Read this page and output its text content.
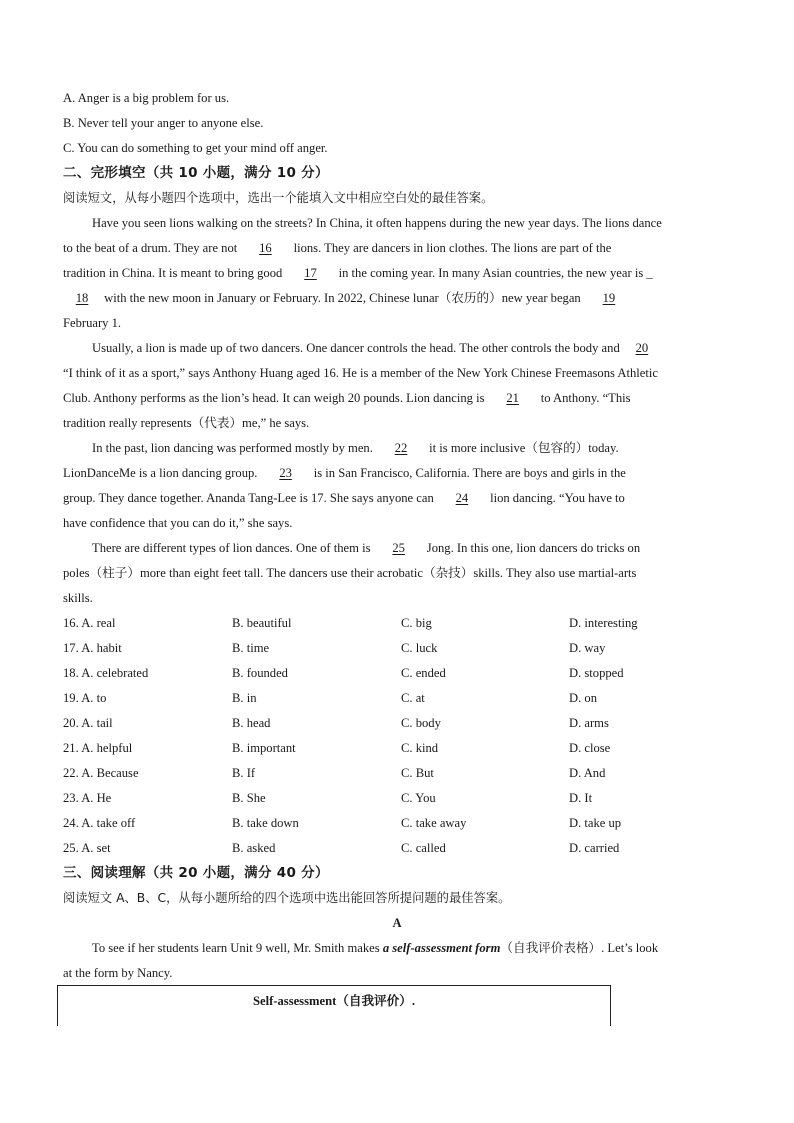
A. Anger is a big problem for us.
B. Never tell your anger to anyone else.
C. You can do something to get your mind off anger.
二、完形填空（共 10 小题，满分 10 分）
阅读短文，从每小题四个选项中，选出一个能填入文中相应空白处的最佳答案。
Have you seen lions walking on the streets? In China, it often happens during the new year days. The lions dance
to the beat of a drum. They are not 16 lions. They are dancers in lion clothes. The lions are part of the
tradition in China. It is meant to bring good 17 in the coming year. In many Asian countries, the new year is _
18 with the new moon in January or February. In 2022, Chinese lunar（农历的）new year began 19
February 1.
Usually, a lion is made up of two dancers. One dancer controls the head. The other controls the body and 20
“I think of it as a sport,” says Anthony Huang aged 16. He is a member of the New York Chinese Freemasons Athletic
Club. Anthony performs as the lion’s head. It can weigh 20 pounds. Lion dancing is 21 to Anthony. “This
tradition really represents（代表）me,” he says.
In the past, lion dancing was performed mostly by men. 22 it is more inclusive（包容的）today.
LionDanceMe is a lion dancing group. 23 is in San Francisco, California. There are boys and girls in the
group. They dance together. Ananda Tang-Lee is 17. She says anyone can 24 lion dancing. “You have to
have confidence that you can do it,” she says.
There are different types of lion dances. One of them is 25 Jong. In this one, lion dancers do tricks on
poles（柱子）more than eight feet tall. The dancers use their acrobatic（杂技）skills. They also use martial-arts
skills.
16. A. real	B. beautiful	C. big	D. interesting
17. A. habit	B. time	C. luck	D. way
18. A. celebrated	B. founded	C. ended	D. stopped
19. A. to	B. in	C. at	D. on
20. A. tail	B. head	C. body	D. arms
21. A. helpful	B. important	C. kind	D. close
22. A. Because	B. If	C. But	D. And
23. A. He	B. She	C. You	D. It
24. A. take off	B. take down	C. take away	D. take up
25. A. set	B. asked	C. called	D. carried
三、阅读理解（共 20 小题，满分 40 分）
阅读短文 A、B、C，从每小题所给的四个选项中选出能回答所提问题的最佳答案。
A
To see if her students learn Unit 9 well, Mr. Smith makes a self-assessment form（自我评价表格）. Let’s look
at the form by Nancy.
Self-assessment（自我评价）.
